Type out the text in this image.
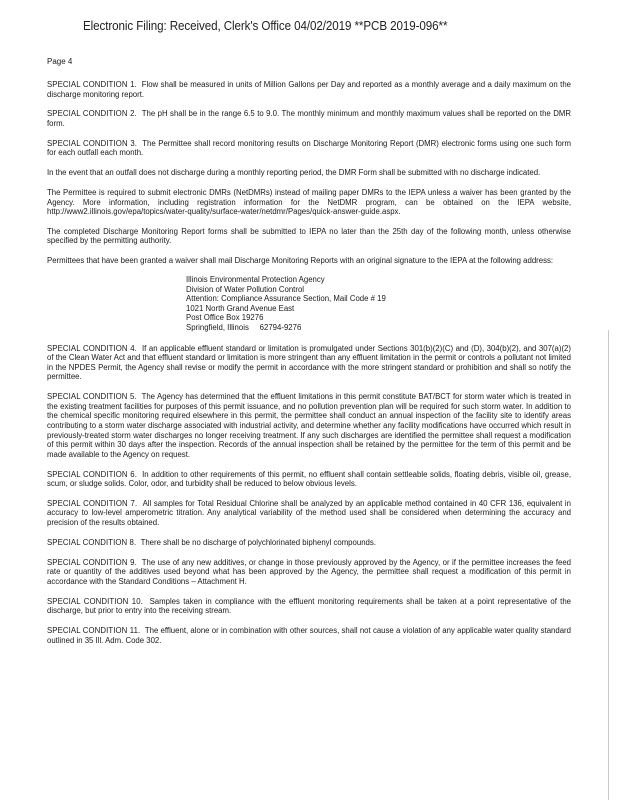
Electronic Filing: Received, Clerk's Office 04/02/2019 **PCB 2019-096**
Page 4

SPECIAL CONDITION 1. Flow shall be measured in units of Million Gallons per Day and reported as a monthly average and a daily maximum on the discharge monitoring report.

SPECIAL CONDITION 2. The pH shall be in the range 6.5 to 9.0. The monthly minimum and monthly maximum values shall be reported on the DMR form.

SPECIAL CONDITION 3. The Permittee shall record monitoring results on Discharge Monitoring Report (DMR) electronic forms using one such form for each outfall each month.

In the event that an outfall does not discharge during a monthly reporting period, the DMR Form shall be submitted with no discharge indicated.

The Permittee is required to submit electronic DMRs (NetDMRs) instead of mailing paper DMRs to the IEPA unless a waiver has been granted by the Agency. More information, including registration information for the NetDMR program, can be obtained on the IEPA website, http://www2.illinois.gov/epa/topics/water-quality/surface-water/netdmr/Pages/quick-answer-guide.aspx.

The completed Discharge Monitoring Report forms shall be submitted to IEPA no later than the 25th day of the following month, unless otherwise specified by the permitting authority.

Permittees that have been granted a waiver shall mail Discharge Monitoring Reports with an original signature to the IEPA at the following address:

Illinois Environmental Protection Agency
Division of Water Pollution Control
Attention: Compliance Assurance Section, Mail Code # 19
1021 North Grand Avenue East
Post Office Box 19276
Springfield, Illinois     62794-9276

SPECIAL CONDITION 4. If an applicable effluent standard or limitation is promulgated under Sections 301(b)(2)(C) and (D), 304(b)(2), and 307(a)(2) of the Clean Water Act and that effluent standard or limitation is more stringent than any effluent limitation in the permit or controls a pollutant not limited in the NPDES Permit, the Agency shall revise or modify the permit in accordance with the more stringent standard or prohibition and shall so notify the permittee.

SPECIAL CONDITION 5. The Agency has determined that the effluent limitations in this permit constitute BAT/BCT for storm water which is treated in the existing treatment facilities for purposes of this permit issuance, and no pollution prevention plan will be required for such storm water. In addition to the chemical specific monitoring required elsewhere in this permit, the permittee shall conduct an annual inspection of the facility site to identify areas contributing to a storm water discharge associated with industrial activity, and determine whether any facility modifications have occurred which result in previously-treated storm water discharges no longer receiving treatment. If any such discharges are identified the permittee shall request a modification of this permit within 30 days after the inspection. Records of the annual inspection shall be retained by the permittee for the term of this permit and be made available to the Agency on request.

SPECIAL CONDITION 6. In addition to other requirements of this permit, no effluent shall contain settleable solids, floating debris, visible oil, grease, scum, or sludge solids. Color, odor, and turbidity shall be reduced to below obvious levels.

SPECIAL CONDITION 7. All samples for Total Residual Chlorine shall be analyzed by an applicable method contained in 40 CFR 136, equivalent in accuracy to low-level amperometric titration. Any analytical variability of the method used shall be considered when determining the accuracy and precision of the results obtained.

SPECIAL CONDITION 8. There shall be no discharge of polychlorinated biphenyl compounds.

SPECIAL CONDITION 9. The use of any new additives, or change in those previously approved by the Agency, or if the permittee increases the feed rate or quantity of the additives used beyond what has been approved by the Agency, the permittee shall request a modification of this permit in accordance with the Standard Conditions – Attachment H.

SPECIAL CONDITION 10. Samples taken in compliance with the effluent monitoring requirements shall be taken at a point representative of the discharge, but prior to entry into the receiving stream.

SPECIAL CONDITION 11. The effluent, alone or in combination with other sources, shall not cause a violation of any applicable water quality standard outlined in 35 Ill. Adm. Code 302.
